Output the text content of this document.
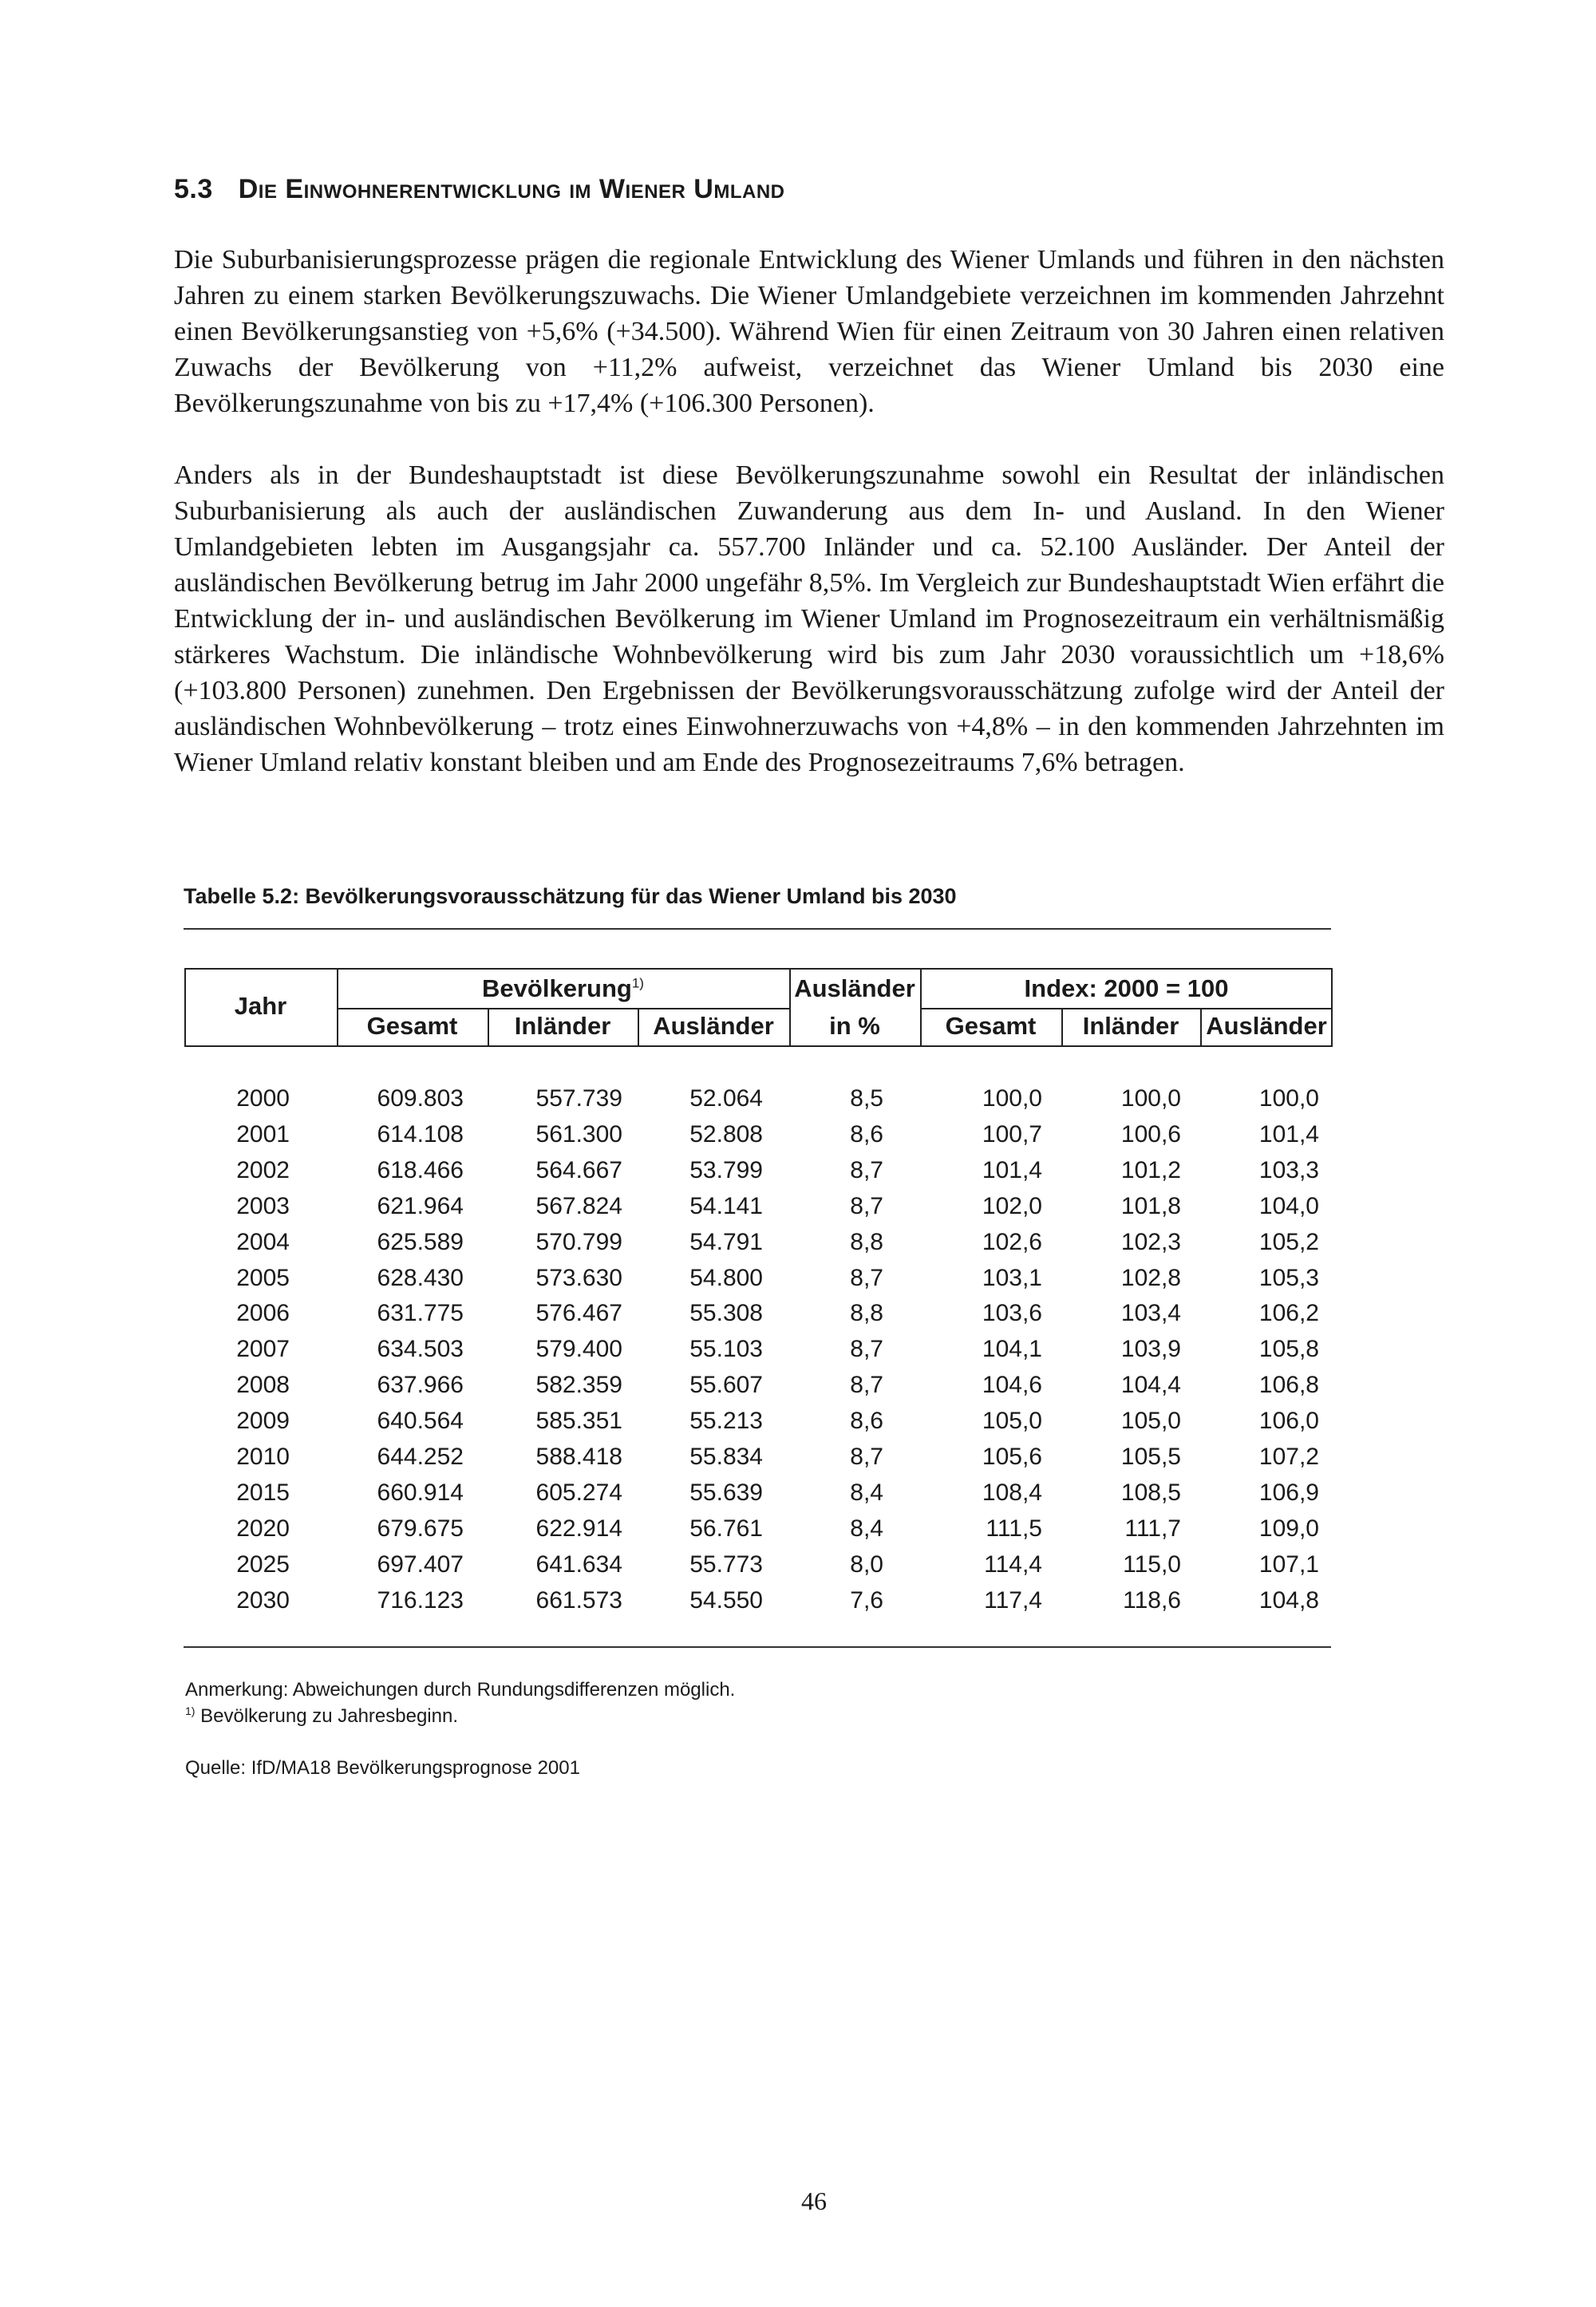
5.3 Die Einwohnerentwicklung im Wiener Umland

Die Suburbanisierungsprozesse prägen die regionale Entwicklung des Wiener Umlands und führen in den nächsten Jahren zu einem starken Bevölkerungszuwachs. Die Wiener Umlandgebiete verzeichnen im kommenden Jahrzehnt einen Bevölkerungsanstieg von +5,6% (+34.500). Während Wien für einen Zeitraum von 30 Jahren einen relativen Zuwachs der Bevölkerung von +11,2% aufweist, verzeichnet das Wiener Umland bis 2030 eine Bevölkerungszunahme von bis zu +17,4% (+106.300 Personen).

Anders als in der Bundeshauptstadt ist diese Bevölkerungszunahme sowohl ein Resultat der inländischen Suburbanisierung als auch der ausländischen Zuwanderung aus dem In- und Ausland. In den Wiener Umlandgebieten lebten im Ausgangsjahr ca. 557.700 Inländer und ca. 52.100 Ausländer. Der Anteil der ausländischen Bevölkerung betrug im Jahr 2000 ungefähr 8,5%. Im Vergleich zur Bundeshauptstadt Wien erfährt die Entwicklung der in- und ausländischen Bevölkerung im Wiener Umland im Prognosezeitraum ein verhältnismäßig stärkeres Wachstum. Die inländische Wohnbevölkerung wird bis zum Jahr 2030 voraussichtlich um +18,6% (+103.800 Personen) zunehmen. Den Ergebnissen der Bevölkerungsvorausschätzung zufolge wird der Anteil der ausländischen Wohnbevölkerung – trotz eines Einwohnerzuwachs von +4,8% – in den kommenden Jahrzehnten im Wiener Umland relativ konstant bleiben und am Ende des Prognosezeitraums 7,6% betragen.

Tabelle 5.2: Bevölkerungsvorausschätzung für das Wiener Umland bis 2030
Jahr
Bevölkerung$^{1)}$	Ausländer
in %
Index: 2000 = 100
Gesamt	Inländer	Ausländer	Gesamt	Inländer	Ausländer
2000	609.803	557.739	52.064	8,5	100,0	100,0	100,0
2001	614.108	561.300	52.808	8,6	100,7	100,6	101,4
2002	618.466	564.667	53.799	8,7	101,4	101,2	103,3
2003	621.964	567.824	54.141	8,7	102,0	101,8	104,0
2004	625.589	570.799	54.791	8,8	102,6	102,3	105,2
2005	628.430	573.630	54.800	8,7	103,1	102,8	105,3
2006	631.775	576.467	55.308	8,8	103,6	103,4	106,2
2007	634.503	579.400	55.103	8,7	104,1	103,9	105,8
2008	637.966	582.359	55.607	8,7	104,6	104,4	106,8
2009	640.564	585.351	55.213	8,6	105,0	105,0	106,0
2010	644.252	588.418	55.834	8,7	105,6	105,5	107,2
2015	660.914	605.274	55.639	8,4	108,4	108,5	106,9
2020	679.675	622.914	56.761	8,4	111,5	111,7	109,0
2025	697.407	641.634	55.773	8,0	114,4	115,0	107,1
2030	716.123	661.573	54.550	7,6	117,4	118,6	104,8
Anmerkung: Abweichungen durch Rundungsdifferenzen möglich.
$^{1)}$ Bevölkerung zu Jahresbeginn.
Quelle: IfD/MA18 Bevölkerungsprognose 2001
46
